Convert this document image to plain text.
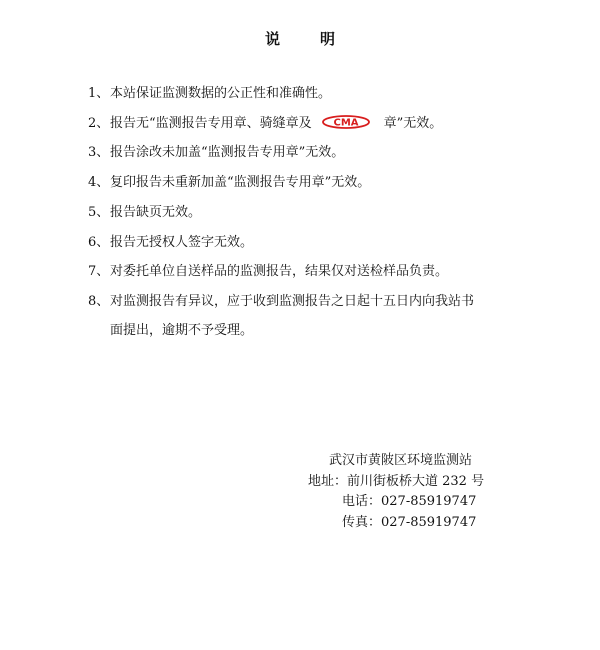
说	明
1、本站保证监测数据的公正性和准确性。
2、报告无“监测报告专用章、骑缝章及 CMA 章”无效。
3、报告涂改未加盖“监测报告专用章”无效。
4、复印报告未重新加盖“监测报告专用章”无效。
5、报告缺页无效。
6、报告无授权人签字无效。
7、对委托单位自送样品的监测报告，结果仅对送检样品负责。
8、对监测报告有异议，应于收到监测报告之日起十五日内向我站书
面提出，逾期不予受理。
武汉市黄陂区环境监测站
地址：前川街板桥大道 232 号
电话：027-85919747
传真：027-85919747
